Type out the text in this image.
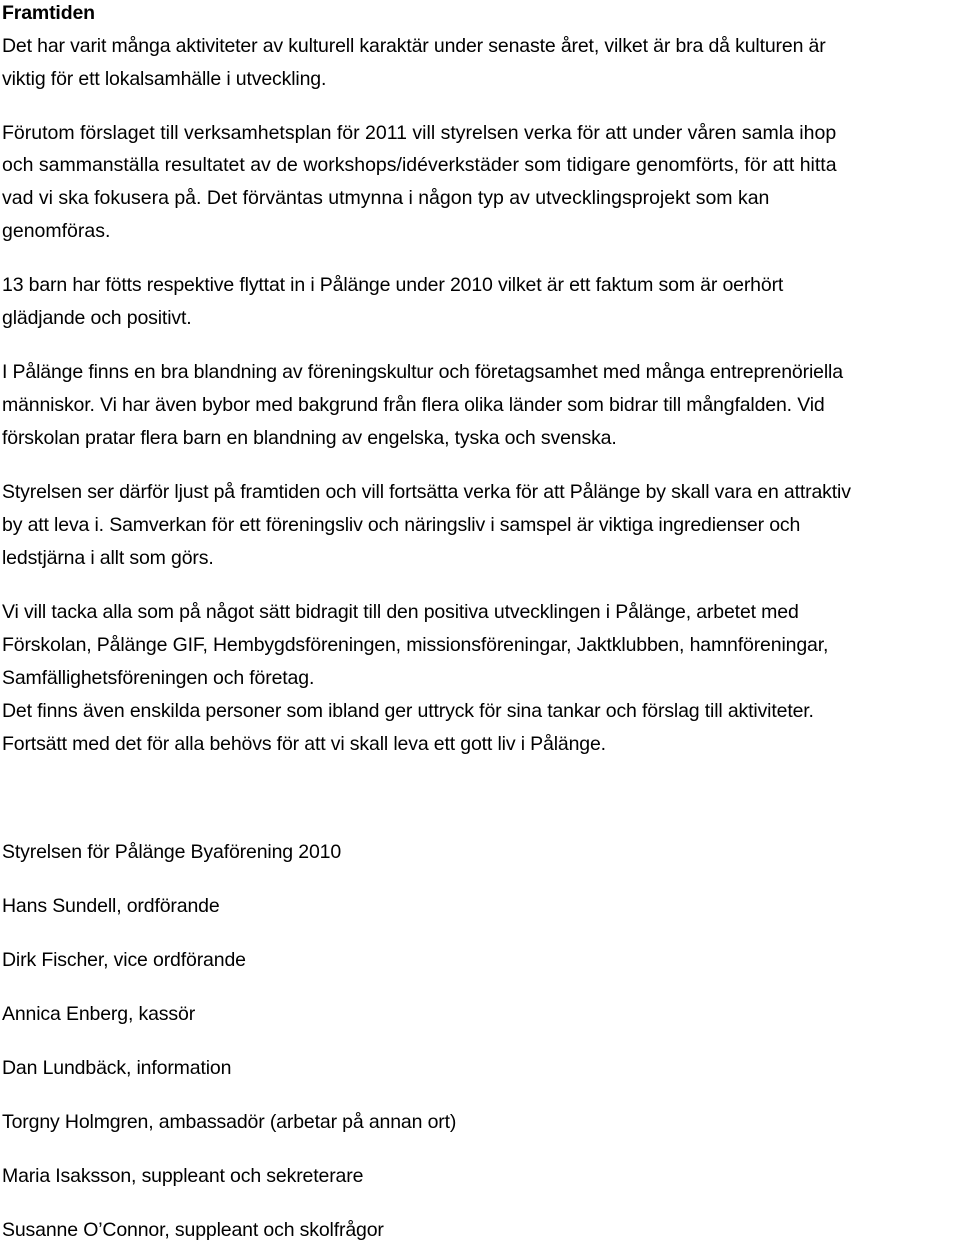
Framtiden
Det har varit många aktiviteter av kulturell karaktär under senaste året, vilket är bra då kulturen är
viktig för ett lokalsamhälle i utveckling.
Förutom förslaget till verksamhetsplan för 2011 vill styrelsen verka för att under våren samla ihop
och sammanställa resultatet av de workshops/idéverkstäder som tidigare genomförts, för att hitta
vad vi ska fokusera på. Det förväntas utmynna i någon typ av utvecklingsprojekt som kan
genomföras.
13 barn har fötts respektive flyttat in i Pålänge under 2010 vilket är ett faktum som är oerhört
glädjande och positivt.
I Pålänge finns en bra blandning av föreningskultur och företagsamhet med många entreprenöriella
människor. Vi har även bybor med bakgrund från flera olika länder som bidrar till mångfalden. Vid
förskolan pratar flera barn en blandning av engelska, tyska och svenska.
Styrelsen ser därför ljust på framtiden och vill fortsätta verka för att Pålänge by skall vara en attraktiv
by att leva i. Samverkan för ett föreningsliv och näringsliv i samspel är viktiga ingredienser och
ledstjärna i allt som görs.
Vi vill tacka alla som på något sätt bidragit till den positiva utvecklingen i Pålänge, arbetet med
Förskolan, Pålänge GIF, Hembygdsföreningen, missionsföreningar, Jaktklubben, hamnföreningar,
Samfällighetsföreningen och företag.
Det finns även enskilda personer som ibland ger uttryck för sina tankar och förslag till aktiviteter.
Fortsätt med det för alla behövs för att vi skall leva ett gott liv i Pålänge.
Styrelsen för Pålänge Byaförening 2010
Hans Sundell, ordförande
Dirk Fischer, vice ordförande
Annica Enberg, kassör
Dan Lundbäck, information
Torgny Holmgren, ambassadör (arbetar på annan ort)
Maria Isaksson, suppleant och sekreterare
Susanne O’Connor, suppleant och skolfrågor
